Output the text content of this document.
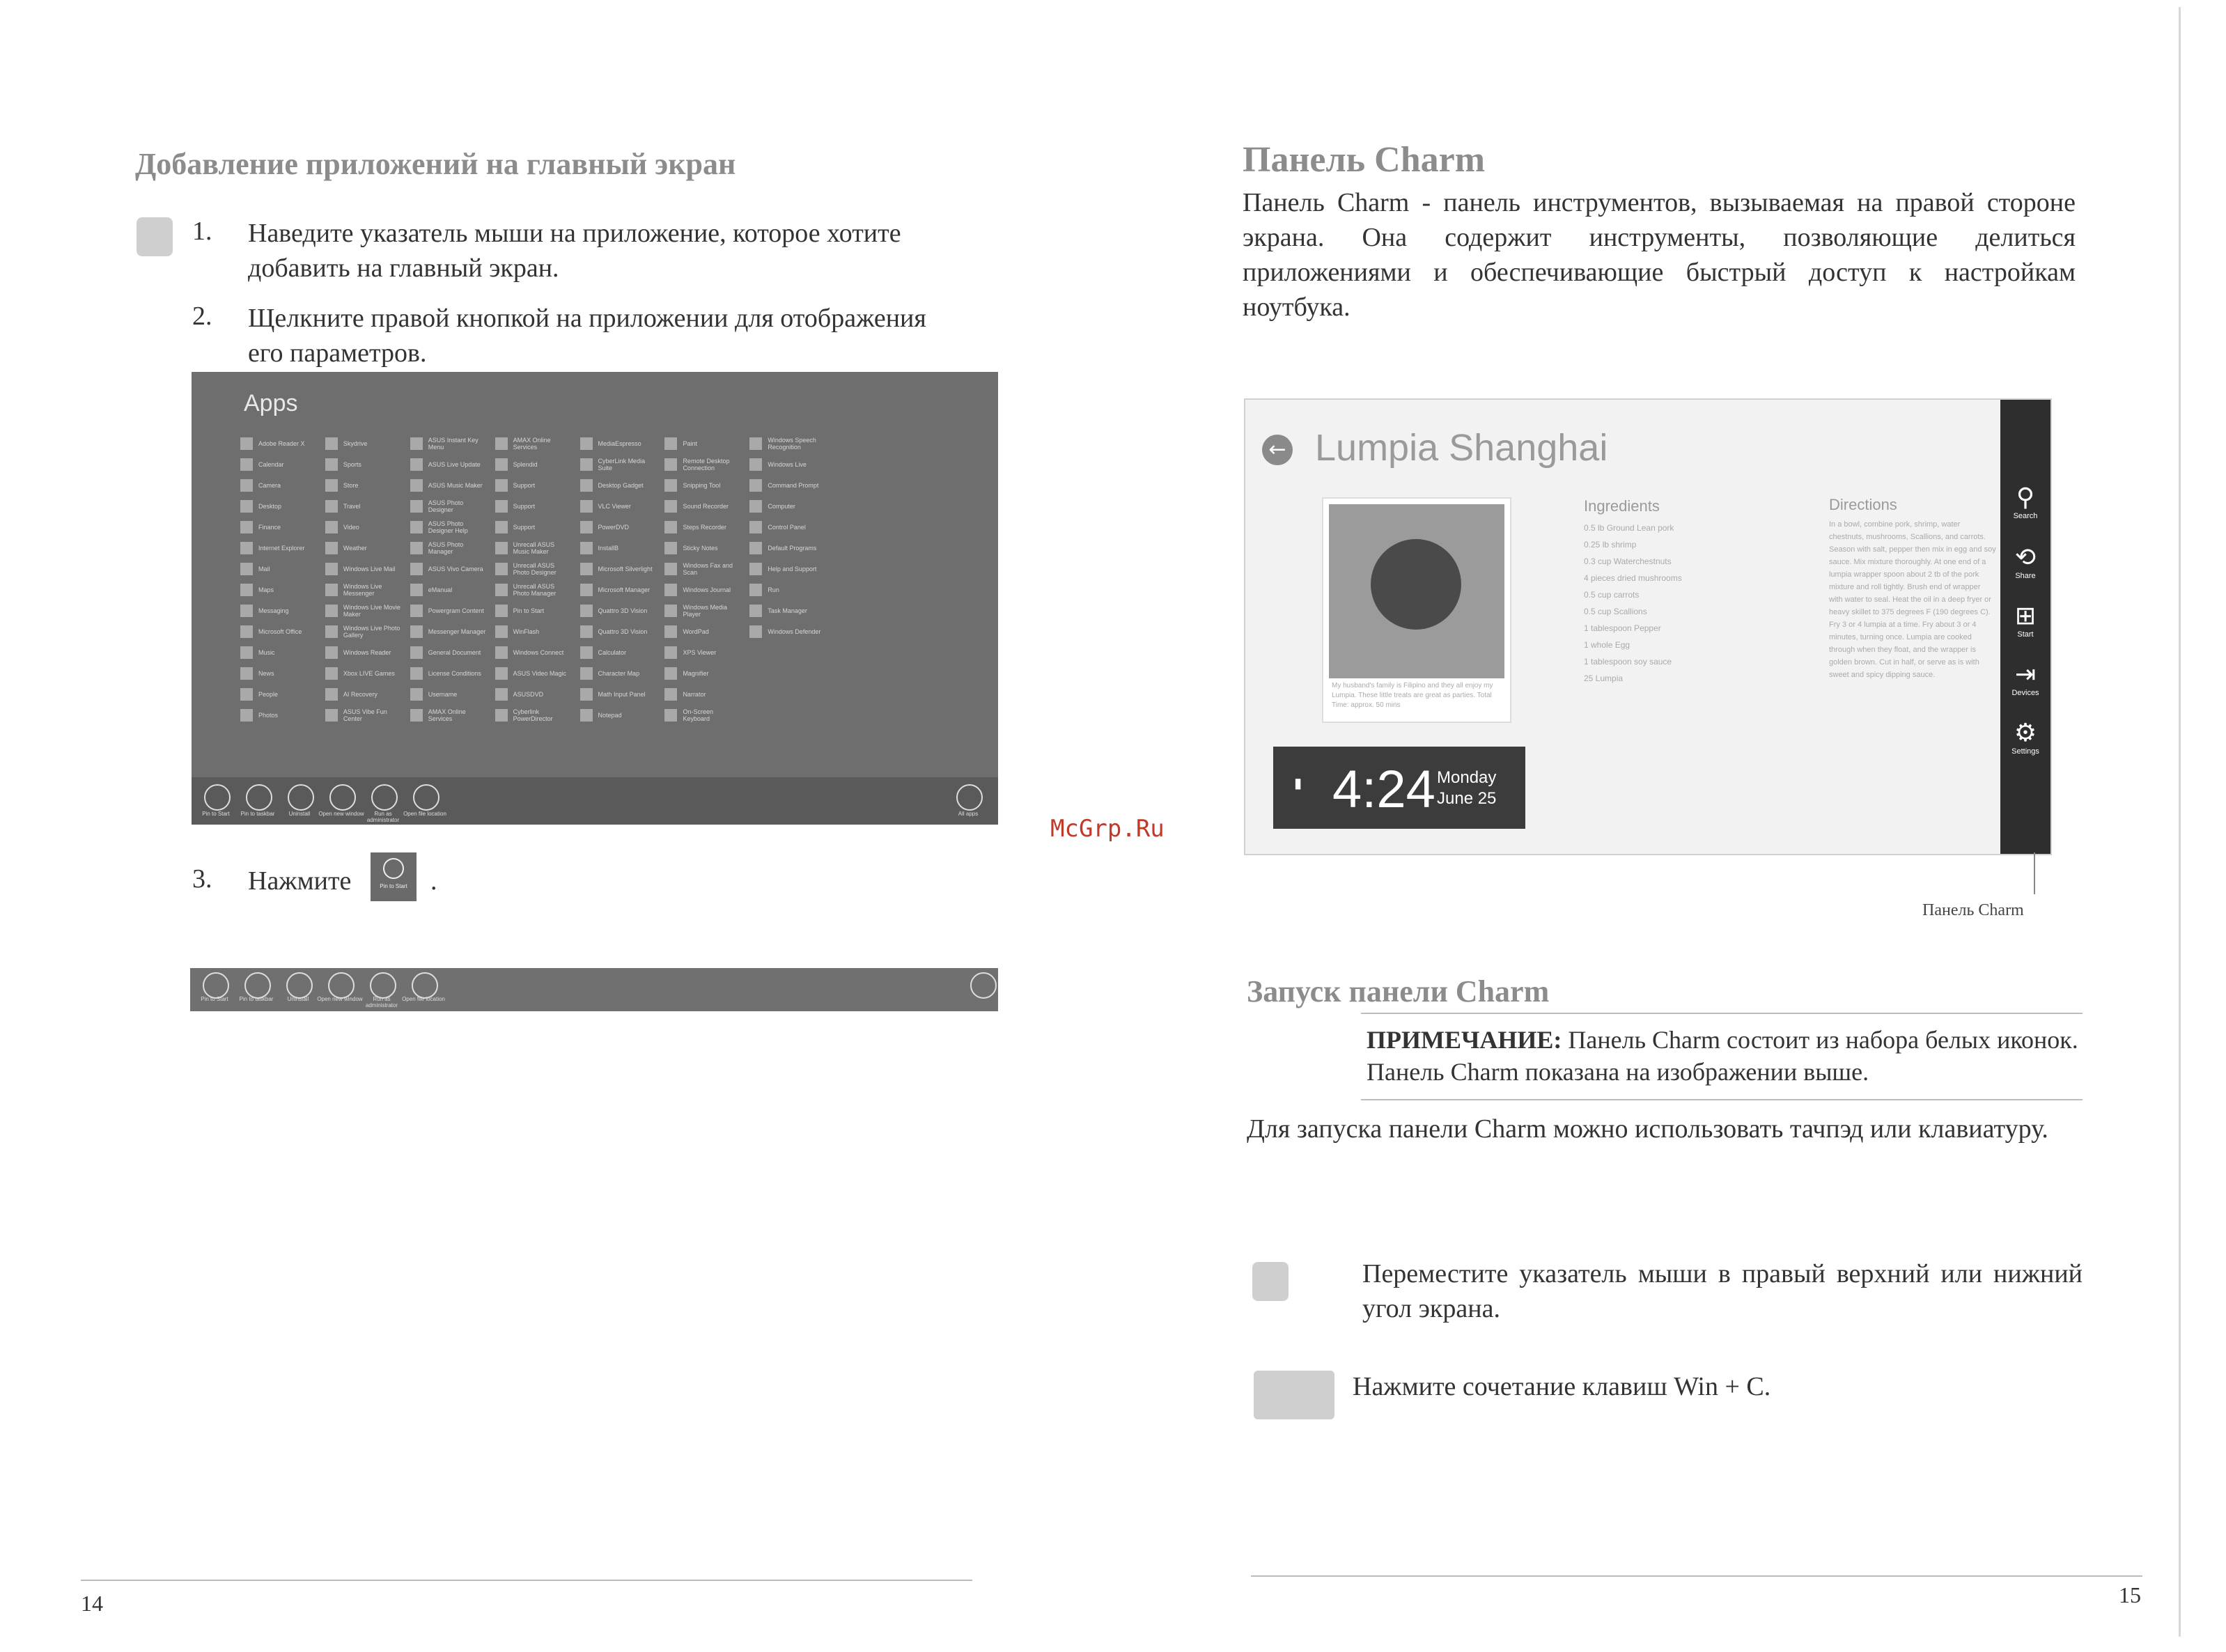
Добавление приложений на главный экран
1. Наведите указатель мыши на приложение, которое хотите добавить на главный экран.
2. Щелкните правой кнопкой на приложении для отображения его параметров.
Apps
Adobe Reader X
Calendar
Camera
Desktop
Finance
Internet Explorer
Mail
Maps
Messaging
Microsoft Office
Music
News
People
Photos
Skydrive
Sports
Store
Travel
Video
Weather
Windows Live Mail
Windows Live Messenger
Windows Live Movie Maker
Windows Live Photo Gallery
Windows Reader
Xbox LIVE Games
AI Recovery
ASUS Vibe Fun Center
ASUS Instant Key Menu
ASUS Live Update
ASUS Music Maker
ASUS Photo Designer
ASUS Photo Designer Help
ASUS Photo Manager
ASUS Vivo Camera
eManual
Powergram Content
Messenger Manager
General Document
License Conditions
Username
AMAX Online Services
AMAX Online Services
Splendid
Support
Support
Support
Unrecall ASUS Music Maker
Unrecall ASUS Photo Designer
Unrecall ASUS Photo Manager
Pin to Start
WinFlash
Windows Connect
ASUS Video Magic
ASUSDVD
Cyberlink PowerDirector
MediaEspresso
CyberLink Media Suite
Desktop Gadget
VLC Viewer
PowerDVD
InstallB
Microsoft Silverlight
Microsoft Manager
Quattro 3D Vision
Quattro 3D Vision
Calculator
Character Map
Math Input Panel
Notepad
Paint
Remote Desktop Connection
Snipping Tool
Sound Recorder
Steps Recorder
Sticky Notes
Windows Fax and Scan
Windows Journal
Windows Media Player
WordPad
XPS Viewer
Magnifier
Narrator
On-Screen Keyboard
Windows Speech Recognition
Windows Live
Command Prompt
Computer
Control Panel
Default Programs
Help and Support
Run
Task Manager
Windows Defender
Pin to Start	Pin to taskbar	Uninstall	Open new window	Run as administrator
Open file location	All apps
3. Нажмите	Pin to Start .
Pin to Start	Pin to taskbar	Uninstall	Open new window	Run as administrator
Open file location
14
McGrp.Ru
Панель Charm
Панель Charm - панель инструментов, вызываемая на правой стороне экрана. Она содержит инструменты, позволяющие делиться приложениями и обеспечивающие быстрый доступ к настройкам ноутбука.
← Lumpia Shanghai
My husband's family is Filipino and they all enjoy my Lumpia. These little treats are great as parties. Total Time: approx. 50 mins
Ingredients
0.5 lb Ground Lean pork
0.25 lb shrimp
0.3 cup Waterchestnuts
4 pieces dried mushrooms
0.5 cup carrots
0.5 cup Scallions
1 tablespoon Pepper
1 whole Egg
1 tablespoon soy sauce
25 Lumpia
Directions
In a bowl, combine pork, shrimp, water chestnuts, mushrooms, Scallions, and carrots. Season with salt, pepper then mix in egg and soy sauce. Mix mixture thoroughly. At one end of a lumpia wrapper spoon about 2 tb of the pork mixture and roll tightly. Brush end of wrapper with water to seal. Heat the oil in a deep fryer or heavy skillet to 375 degrees F (190 degrees C). Fry 3 or 4 lumpia at a time. Fry about 3 or 4 minutes, turning once. Lumpia are cooked through when they float, and the wrapper is golden brown. Cut in half, or serve as is with sweet and spicy dipping sauce.
▮ 4:24 Monday
June 25
⚲
Search
⟲
Share
⊞
Start
⇥
Devices
⚙
Settings
Панель Charm
Запуск панели Charm
ПРИМЕЧАНИЕ: Панель Charm состоит из набора белых иконок. Панель Charm показана на изображении выше.
Для запуска панели Charm можно использовать тачпэд или клавиатуру.
Переместите указатель мыши в правый верхний или нижний угол экрана.
Нажмите сочетание клавиш Win + C.
15
